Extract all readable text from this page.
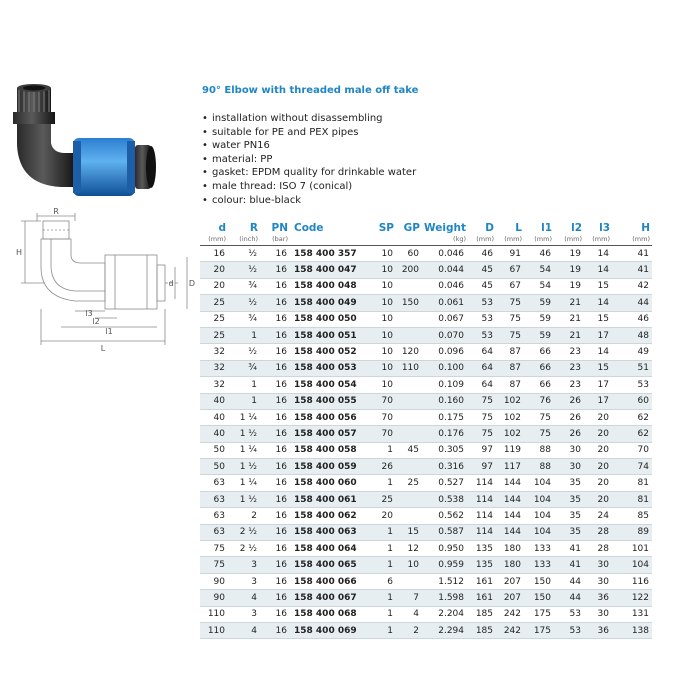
R
H
d D
l3
l2
l1
L
90° Elbow with threaded male off take
• installation without disassembling
• suitable for PE and PEX pipes
• water PN16
• material: PP
• gasket: EPDM quality for drinkable water
• male thread: ISO 7 (conical)
• colour: blue-black
d	R	PN	Code	SP	GP	Weight	D	L	l1	l2	l3	H
(mm)	(inch)	(bar)				(kg)	(mm)	(mm)	(mm)	(mm)	(mm)	(mm)
16	½	16	158 400 357	10	60	0.046	46	91	46	19	14	41
20	½	16	158 400 047	10	200	0.044	45	67	54	19	14	41
20	¾	16	158 400 048	10		0.046	45	67	54	19	15	42
25	½	16	158 400 049	10	150	0.061	53	75	59	21	14	44
25	¾	16	158 400 050	10		0.067	53	75	59	21	15	46
25	1	16	158 400 051	10		0.070	53	75	59	21	17	48
32	½	16	158 400 052	10	120	0.096	64	87	66	23	14	49
32	¾	16	158 400 053	10	110	0.100	64	87	66	23	15	51
32	1	16	158 400 054	10		0.109	64	87	66	23	17	53
40	1	16	158 400 055	70		0.160	75	102	76	26	17	60
40	1 ¼	16	158 400 056	70		0.175	75	102	75	26	20	62
40	1 ½	16	158 400 057	70		0.176	75	102	75	26	20	62
50	1 ¼	16	158 400 058	1	45	0.305	97	119	88	30	20	70
50	1 ½	16	158 400 059	26		0.316	97	117	88	30	20	74
63	1 ¼	16	158 400 060	1	25	0.527	114	144	104	35	20	81
63	1 ½	16	158 400 061	25		0.538	114	144	104	35	20	81
63	2	16	158 400 062	20		0.562	114	144	104	35	24	85
63	2 ½	16	158 400 063	1	15	0.587	114	144	104	35	28	89
75	2 ½	16	158 400 064	1	12	0.950	135	180	133	41	28	101
75	3	16	158 400 065	1	10	0.959	135	180	133	41	30	104
90	3	16	158 400 066	6		1.512	161	207	150	44	30	116
90	4	16	158 400 067	1	7	1.598	161	207	150	44	36	122
110	3	16	158 400 068	1	4	2.204	185	242	175	53	30	131
110	4	16	158 400 069	1	2	2.294	185	242	175	53	36	138
